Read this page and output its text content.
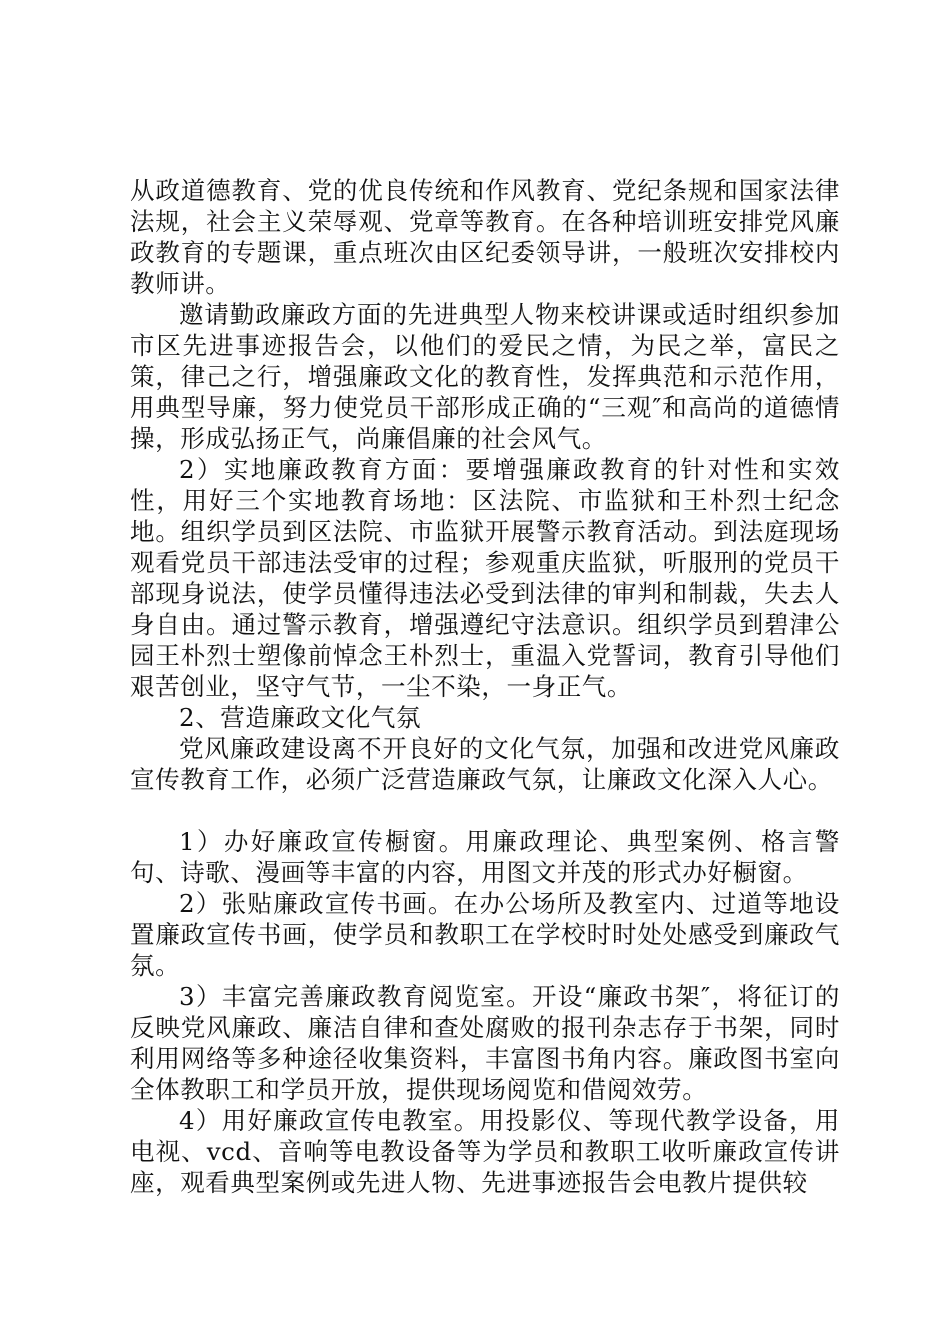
从政道德教育、党的优良传统和作风教育、党纪条规和国家法律法规，社会主义荣辱观、党章等教育。在各种培训班安排党风廉政教育的专题课，重点班次由区纪委领导讲，一般班次安排校内教师讲。

邀请勤政廉政方面的先进典型人物来校讲课或适时组织参加市区先进事迹报告会，以他们的爱民之情，为民之举，富民之策，律己之行，增强廉政文化的教育性，发挥典范和示范作用，用典型导廉，努力使党员干部形成正确的“三观″和高尚的道德情操，形成弘扬正气，尚廉倡廉的社会风气。

2）实地廉政教育方面：要增强廉政教育的针对性和实效性，用好三个实地教育场地：区法院、市监狱和王朴烈士纪念地。组织学员到区法院、市监狱开展警示教育活动。到法庭现场观看党员干部违法受审的过程；参观重庆监狱，听服刑的党员干部现身说法，使学员懂得违法必受到法律的审判和制裁，失去人身自由。通过警示教育，增强遵纪守法意识。组织学员到碧津公园王朴烈士塑像前悼念王朴烈士，重温入党誓词，教育引导他们艰苦创业，坚守气节，一尘不染，一身正气。

2、营造廉政文化气氛

党风廉政建设离不开良好的文化气氛，加强和改进党风廉政宣传教育工作，必须广泛营造廉政气氛，让廉政文化深入人心。

1）办好廉政宣传橱窗。用廉政理论、典型案例、格言警句、诗歌、漫画等丰富的内容，用图文并茂的形式办好橱窗。

2）张贴廉政宣传书画。在办公场所及教室内、过道等地设置廉政宣传书画，使学员和教职工在学校时时处处感受到廉政气氛。

3）丰富完善廉政教育阅览室。开设“廉政书架″，将征订的反映党风廉政、廉洁自律和查处腐败的报刊杂志存于书架，同时利用网络等多种途径收集资料，丰富图书角内容。廉政图书室向全体教职工和学员开放，提供现场阅览和借阅效劳。

4）用好廉政宣传电教室。用投影仪、等现代教学设备，用电视、vcd、音响等电教设备等为学员和教职工收听廉政宣传讲座，观看典型案例或先进人物、先进事迹报告会电教片提供较
